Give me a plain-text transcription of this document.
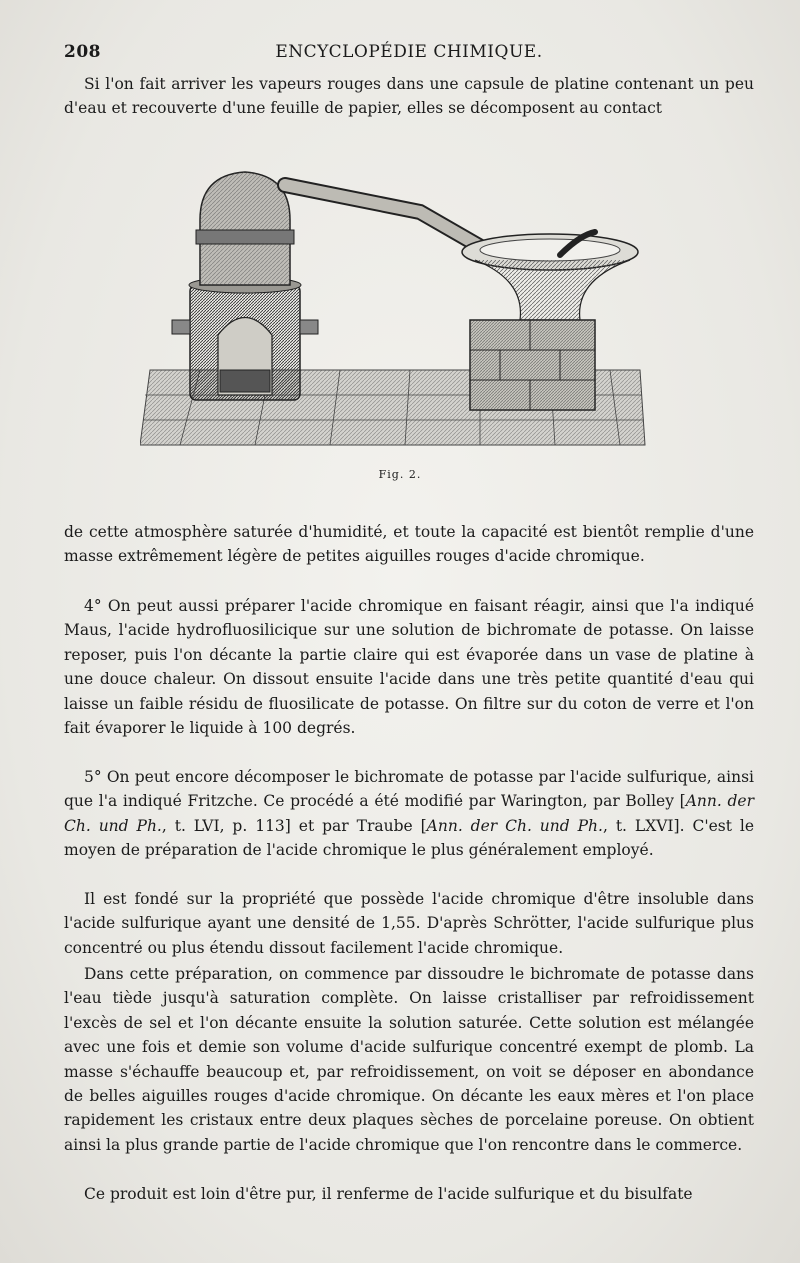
208	ENCYCLOPÉDIE CHIMIQUE.

Si l'on fait arriver les vapeurs rouges dans une capsule de platine contenant un peu d'eau et recouverte d'une feuille de papier, elles se décomposent au contact

Fig. 2.

de cette atmosphère saturée d'humidité, et toute la capacité est bientôt remplie d'une masse extrêmement légère de petites aiguilles rouges d'acide chromique.

4° On peut aussi préparer l'acide chromique en faisant réagir, ainsi que l'a indiqué Maus, l'acide hydrofluosilicique sur une solution de bichromate de potasse. On laisse reposer, puis l'on décante la partie claire qui est évaporée dans un vase de platine à une douce chaleur. On dissout ensuite l'acide dans une très petite quantité d'eau qui laisse un faible résidu de fluosilicate de potasse. On filtre sur du coton de verre et l'on fait évaporer le liquide à 100 degrés.

5° On peut encore décomposer le bichromate de potasse par l'acide sulfurique, ainsi que l'a indiqué Fritzche. Ce procédé a été modifié par Warington, par Bolley [Ann. der Ch. und Ph., t. LVI, p. 113] et par Traube [Ann. der Ch. und Ph., t. LXVI]. C'est le moyen de préparation de l'acide chromique le plus généralement employé.

Il est fondé sur la propriété que possède l'acide chromique d'être insoluble dans l'acide sulfurique ayant une densité de 1,55. D'après Schrötter, l'acide sulfurique plus concentré ou plus étendu dissout facilement l'acide chromique.

Dans cette préparation, on commence par dissoudre le bichromate de potasse dans l'eau tiède jusqu'à saturation complète. On laisse cristalliser par refroidissement l'excès de sel et l'on décante ensuite la solution saturée. Cette solution est mélangée avec une fois et demie son volume d'acide sulfurique concentré exempt de plomb. La masse s'échauffe beaucoup et, par refroidissement, on voit se déposer en abondance de belles aiguilles rouges d'acide chromique. On décante les eaux mères et l'on place rapidement les cristaux entre deux plaques sèches de porcelaine poreuse. On obtient ainsi la plus grande partie de l'acide chromique que l'on rencontre dans le commerce.

Ce produit est loin d'être pur, il renferme de l'acide sulfurique et du bisulfate
